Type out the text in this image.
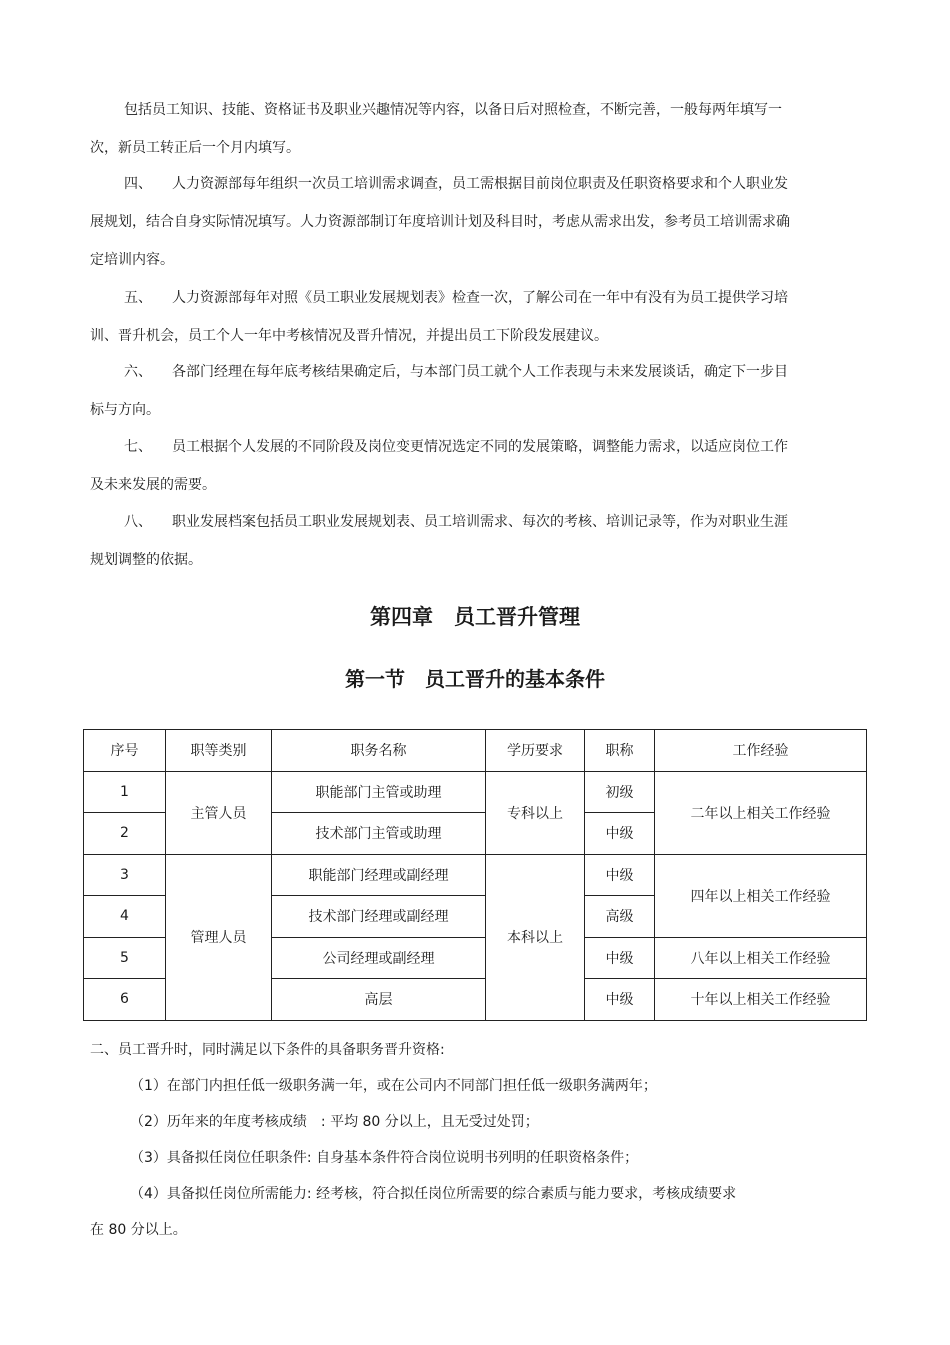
包括员工知识、技能、资格证书及职业兴趣情况等内容，以备日后对照检查，不断完善，一般每两年填写一次，新员工转正后一个月内填写。

四、 人力资源部每年组织一次员工培训需求调查，员工需根据目前岗位职责及任职资格要求和个人职业发展规划，结合自身实际情况填写。人力资源部制订年度培训计划及科目时，考虑从需求出发，参考员工培训需求确定培训内容。

五、 人力资源部每年对照《员工职业发展规划表》检查一次，了解公司在一年中有没有为员工提供学习培训、晋升机会，员工个人一年中考核情况及晋升情况，并提出员工下阶段发展建议。

六、 各部门经理在每年底考核结果确定后，与本部门员工就个人工作表现与未来发展谈话，确定下一步目标与方向。

七、 员工根据个人发展的不同阶段及岗位变更情况选定不同的发展策略，调整能力需求，以适应岗位工作及未来发展的需要。

八、 职业发展档案包括员工职业发展规划表、员工培训需求、每次的考核、培训记录等，作为对职业生涯规划调整的依据。

第四章　员工晋升管理
第一节　员工晋升的基本条件
序号	职等类别	职务名称	学历要求	职称	工作经验
1	主管人员	职能部门主管或助理	专科以上	初级	二年以上相关工作经验
2		技术部门主管或助理		中级	
3	管理人员	职能部门经理或副经理	本科以上	中级	四年以上相关工作经验
4		技术部门经理或副经理		高级	
5		公司经理或副经理		中级	八年以上相关工作经验
6		高层		中级	十年以上相关工作经验
二、员工晋升时，同时满足以下条件的具备职务晋升资格:
（1）在部门内担任低一级职务满一年，或在公司内不同部门担任低一级职务满两年；
（2）历年来的年度考核成绩　: 平均 80 分以上，且无受过处罚；
（3）具备拟任岗位任职条件: 自身基本条件符合岗位说明书列明的任职资格条件；
（4）具备拟任岗位所需能力: 经考核，符合拟任岗位所需要的综合素质与能力要求，考核成绩要求
在 80 分以上。
